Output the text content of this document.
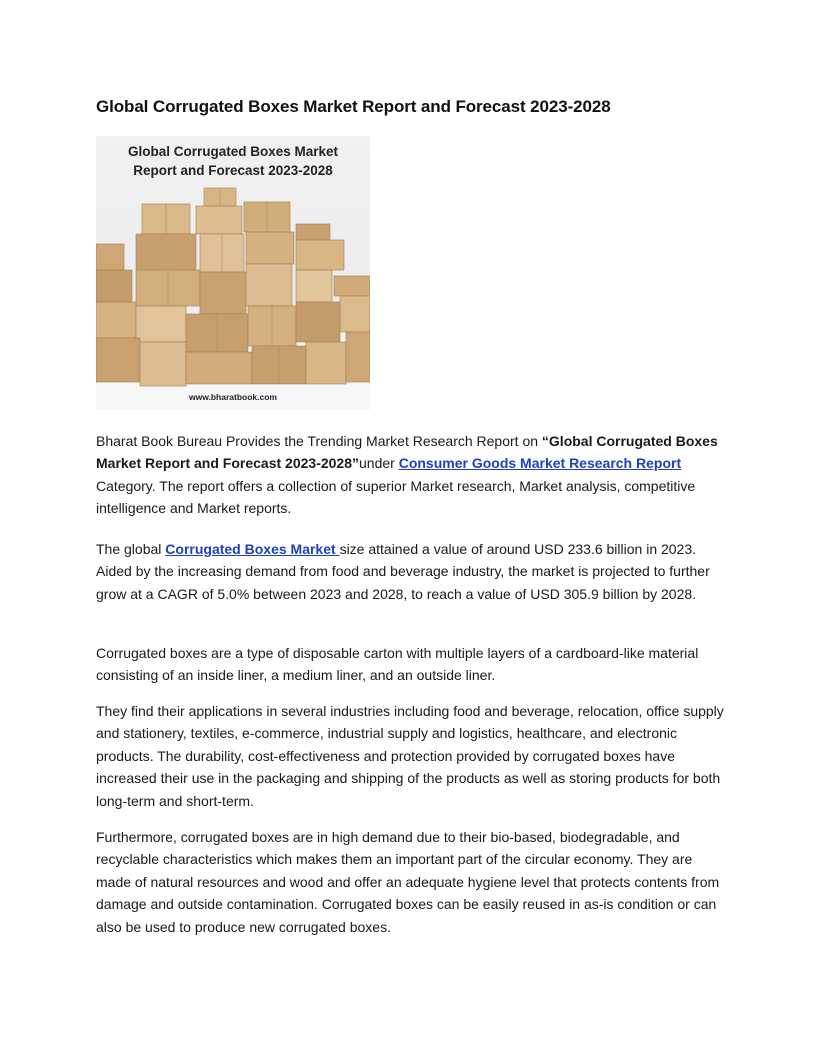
Global Corrugated Boxes Market Report and Forecast 2023-2028
Global Corrugated Boxes Market Report and Forecast 2023-2028
www.bharatbook.com

Bharat Book Bureau Provides the Trending Market Research Report on “Global Corrugated Boxes Market Report and Forecast 2023-2028”under Consumer Goods Market Research Report Category. The report offers a collection of superior Market research, Market analysis, competitive intelligence and Market reports.

The global Corrugated Boxes Market size attained a value of around USD 233.6 billion in 2023. Aided by the increasing demand from food and beverage industry, the market is projected to further grow at a CAGR of 5.0% between 2023 and 2028, to reach a value of USD 305.9 billion by 2028.

Corrugated boxes are a type of disposable carton with multiple layers of a cardboard-like material consisting of an inside liner, a medium liner, and an outside liner.

They find their applications in several industries including food and beverage, relocation, office supply and stationery, textiles, e-commerce, industrial supply and logistics, healthcare, and electronic products. The durability, cost-effectiveness and protection provided by corrugated boxes have increased their use in the packaging and shipping of the products as well as storing products for both long-term and short-term.

Furthermore, corrugated boxes are in high demand due to their bio-based, biodegradable, and recyclable characteristics which makes them an important part of the circular economy. They are made of natural resources and wood and offer an adequate hygiene level that protects contents from damage and outside contamination. Corrugated boxes can be easily reused in as-is condition or can also be used to produce new corrugated boxes.
